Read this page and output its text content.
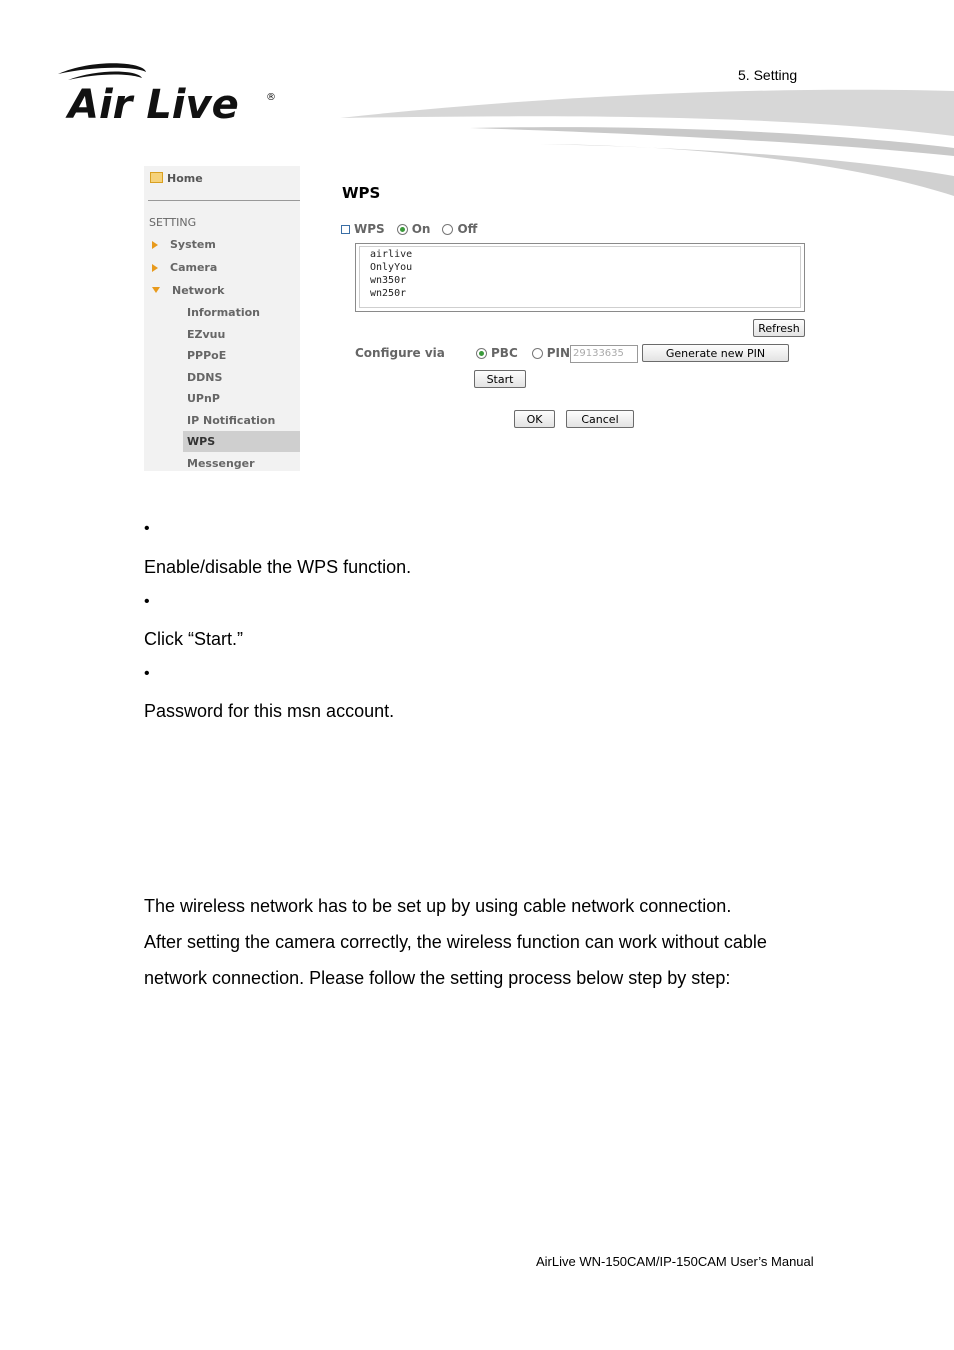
Air Live	®
5. Setting
Home
SETTING
System
Camera
Network
Information
EZvuu
PPPoE
DDNS
UPnP
IP Notification
WPS
Messenger
WPS
WPS On Off
airlive
OnlyYou
wn350r
wn250r
Refresh
Configure via	PBC PIN 29133635	Generate new PIN
Start
OK	Cancel
•
Enable/disable the WPS function.
•
Click “Start.”
•
Password for this msn account.
The wireless network has to be set up by using cable network connection.
After setting the camera correctly, the wireless function can work without cable
network connection. Please follow the setting process below step by step:
AirLive WN-150CAM/IP-150CAM User’s Manual
